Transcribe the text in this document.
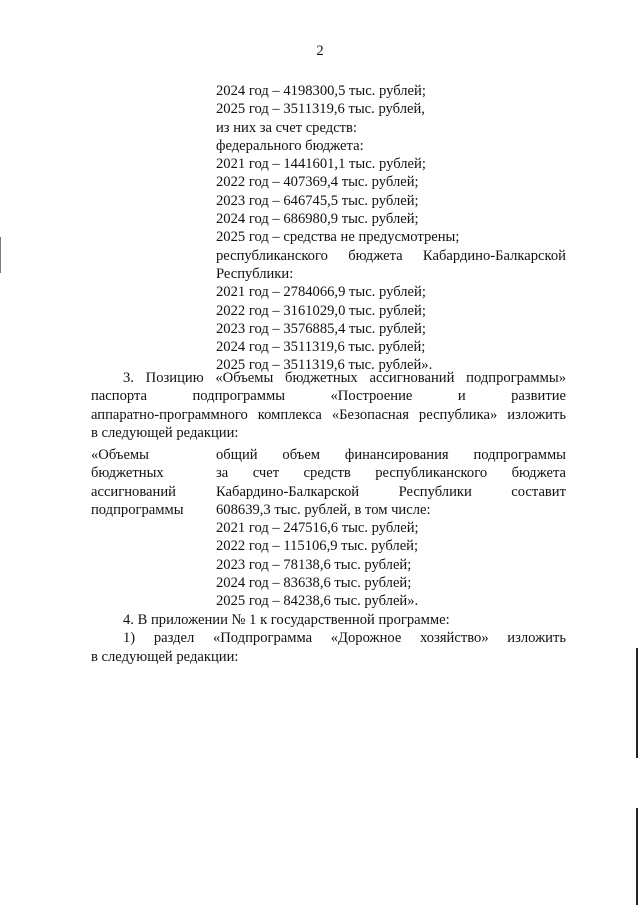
2
2024 год – 4198300,5 тыс. рублей;
2025 год – 3511319,6 тыс. рублей,
из них за счет средств:
федерального бюджета:
2021 год – 1441601,1 тыс. рублей;
2022 год – 407369,4 тыс. рублей;
2023 год – 646745,5 тыс. рублей;
2024 год – 686980,9 тыс. рублей;
2025 год – средства не предусмотрены;
республиканского бюджета Кабардино-Балкарской
Республики:
2021 год – 2784066,9 тыс. рублей;
2022 год – 3161029,0 тыс. рублей;
2023 год – 3576885,4 тыс. рублей;
2024 год – 3511319,6 тыс. рублей;
2025 год – 3511319,6 тыс. рублей».
3. Позицию «Объемы бюджетных ассигнований подпрограммы»
паспорта подпрограммы «Построение и развитие
аппаратно-программного комплекса «Безопасная республика» изложить
в следующей редакции:
«Объемы
бюджетных
ассигнований
подпрограммы
общий объем финансирования подпрограммы
за счет средств республиканского бюджета
Кабардино-Балкарской Республики составит
608639,3 тыс. рублей, в том числе:
2021 год – 247516,6 тыс. рублей;
2022 год – 115106,9 тыс. рублей;
2023 год – 78138,6 тыс. рублей;
2024 год – 83638,6 тыс. рублей;
2025 год – 84238,6 тыс. рублей».
4. В приложении № 1 к государственной программе:
1) раздел «Подпрограмма «Дорожное хозяйство» изложить
в следующей редакции:
